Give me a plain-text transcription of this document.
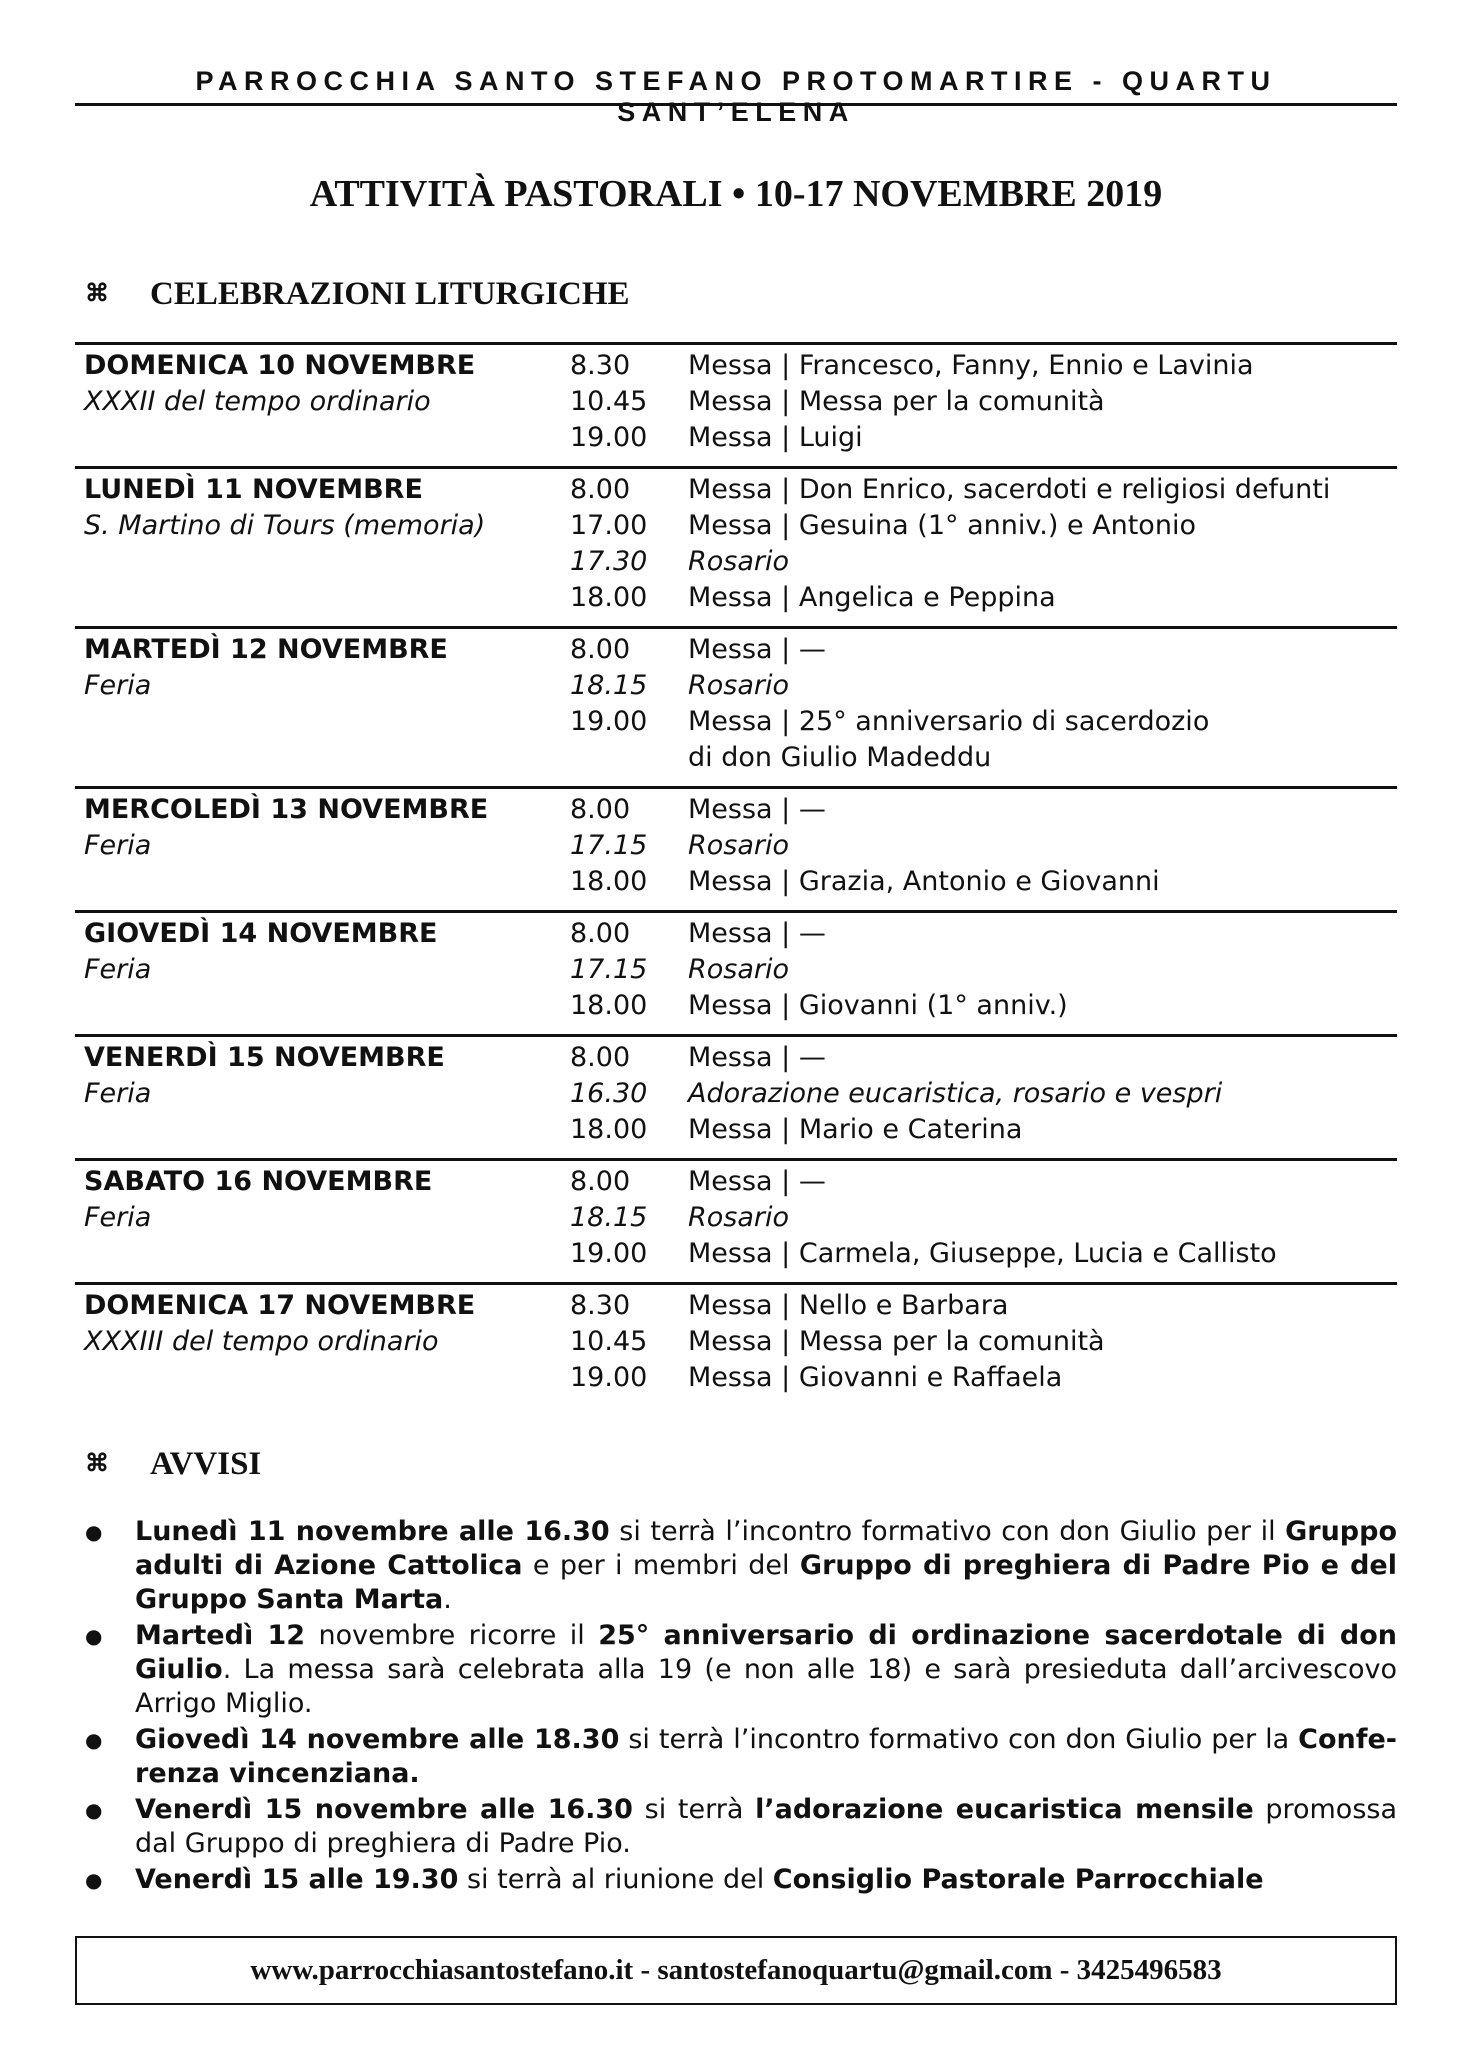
PARROCCHIA SANTO STEFANO PROTOMARTIRE - QUARTU SANT’ELENA
ATTIVITÀ PASTORALI • 10-17 NOVEMBRE 2019
⌘ CELEBRAZIONI LITURGICHE
DOMENICA 10 NOVEMBRE	8.30	Messa | Francesco, Fanny, Ennio e Lavinia
XXXII del tempo ordinario	10.45	Messa | Messa per la comunità
19.00	Messa | Luigi
LUNEDÌ 11 NOVEMBRE	8.00	Messa | Don Enrico, sacerdoti e religiosi defunti
S. Martino di Tours (memoria)	17.00	Messa | Gesuina (1° anniv.) e Antonio
17.30	Rosario
18.00	Messa | Angelica e Peppina
MARTEDÌ 12 NOVEMBRE	8.00	Messa | —
Feria	18.15	Rosario
19.00	Messa | 25° anniversario di sacerdozio
di don Giulio Madeddu
MERCOLEDÌ 13 NOVEMBRE	8.00	Messa | —
Feria	17.15	Rosario
18.00	Messa | Grazia, Antonio e Giovanni
GIOVEDÌ 14 NOVEMBRE	8.00	Messa | —
Feria	17.15	Rosario
18.00	Messa | Giovanni (1° anniv.)
VENERDÌ 15 NOVEMBRE	8.00	Messa | —
Feria	16.30	Adorazione eucaristica, rosario e vespri
18.00	Messa | Mario e Caterina
SABATO 16 NOVEMBRE	8.00	Messa | —
Feria	18.15	Rosario
19.00	Messa | Carmela, Giuseppe, Lucia e Callisto
DOMENICA 17 NOVEMBRE	8.30	Messa | Nello e Barbara
XXXIII del tempo ordinario	10.45	Messa | Messa per la comunità
19.00	Messa | Giovanni e Raffaela
⌘ AVVISI
● Lunedì 11 novembre alle 16.30 si terrà l’incontro formativo con don Giulio per il Gruppo adulti di Azione Cattolica e per i membri del Gruppo di preghiera di Padre Pio e del Gruppo Santa Marta.
● Martedì 12 novembre ricorre il 25° anniversario di ordinazione sacerdotale di don Giulio. La messa sarà celebrata alla 19 (e non alle 18) e sarà presieduta dall’arcivescovo Arrigo Miglio.
● Giovedì 14 novembre alle 18.30 si terrà l’incontro formativo con don Giulio per la Conferenza vincenziana.
● Venerdì 15 novembre alle 16.30 si terrà l’adorazione eucaristica mensile promossa dal Gruppo di preghiera di Padre Pio.
● Venerdì 15 alle 19.30 si terrà al riunione del Consiglio Pastorale Parrocchiale
www.parrocchiasantostefano.it - santostefanoquartu@gmail.com - 3425496583
